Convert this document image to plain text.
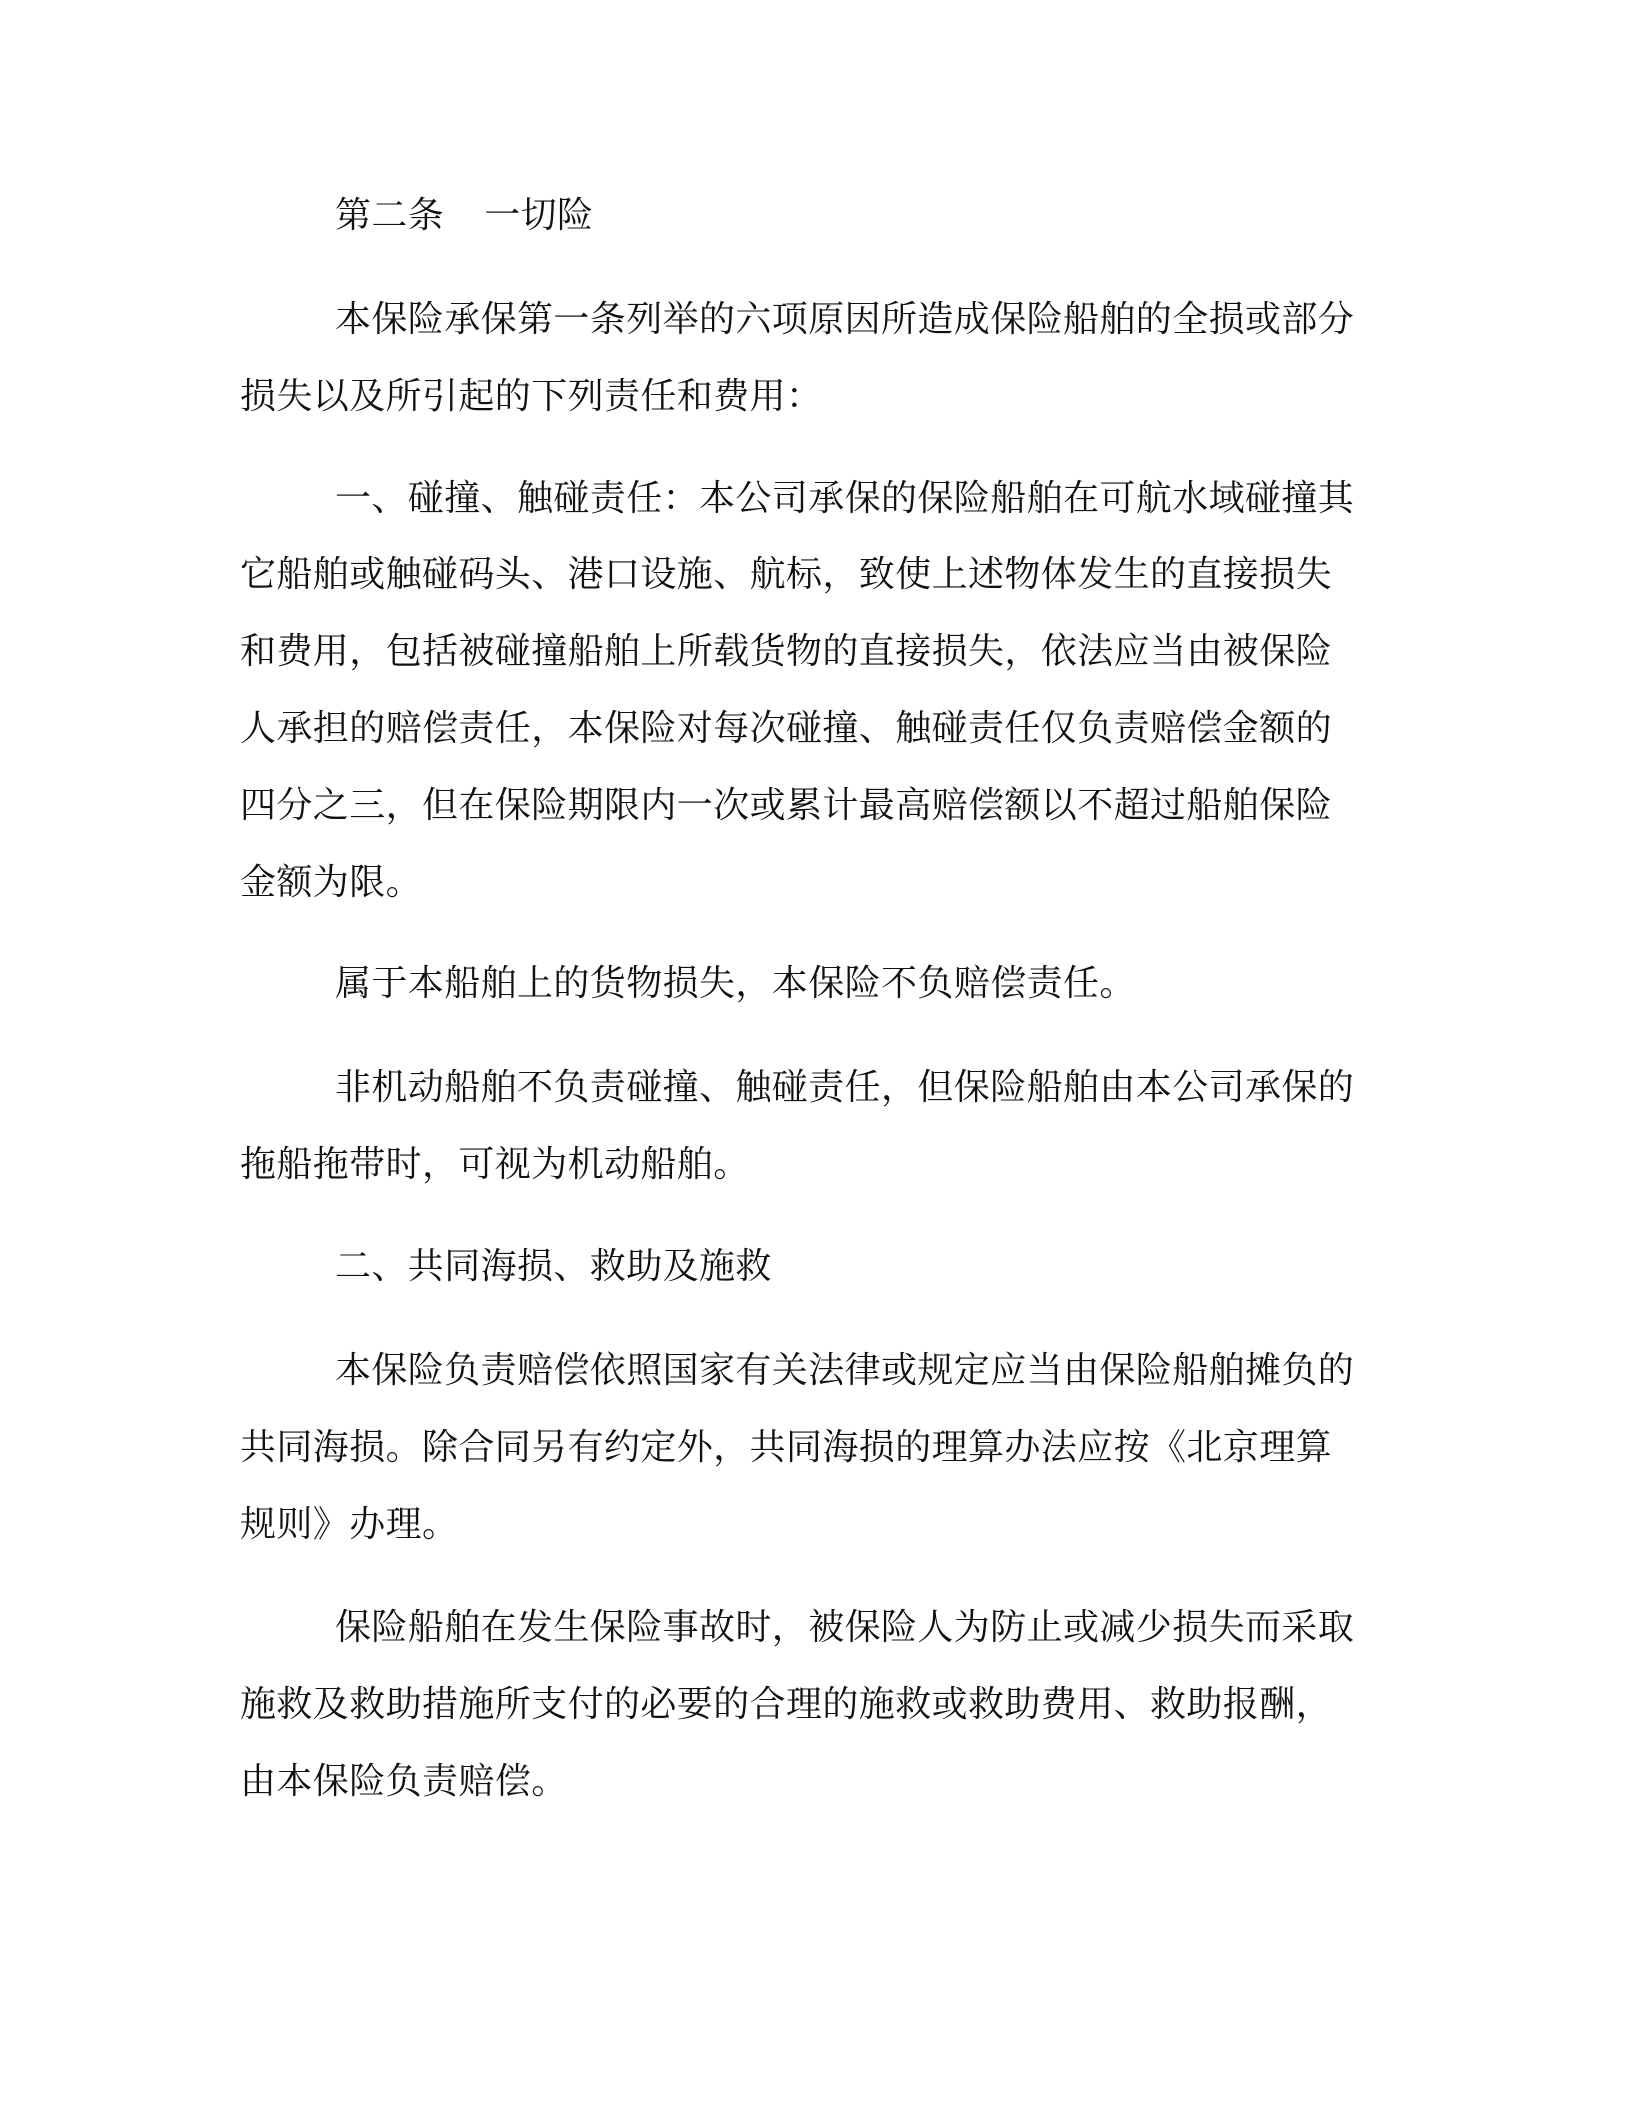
第二条 一切险

本保险承保第一条列举的六项原因所造成保险船舶的全损或部分

损失以及所引起的下列责任和费用：

一、碰撞、触碰责任：本公司承保的保险船舶在可航水域碰撞其

它船舶或触碰码头、港口设施、航标，致使上述物体发生的直接损失

和费用，包括被碰撞船舶上所载货物的直接损失，依法应当由被保险

人承担的赔偿责任，本保险对每次碰撞、触碰责任仅负责赔偿金额的

四分之三，但在保险期限内一次或累计最高赔偿额以不超过船舶保险

金额为限。

属于本船舶上的货物损失，本保险不负赔偿责任。

非机动船舶不负责碰撞、触碰责任，但保险船舶由本公司承保的

拖船拖带时，可视为机动船舶。

二、共同海损、救助及施救

本保险负责赔偿依照国家有关法律或规定应当由保险船舶摊负的

共同海损。除合同另有约定外，共同海损的理算办法应按《北京理算

规则》办理。

保险船舶在发生保险事故时，被保险人为防止或减少损失而采取

施救及救助措施所支付的必要的合理的施救或救助费用、救助报酬，

由本保险负责赔偿。
